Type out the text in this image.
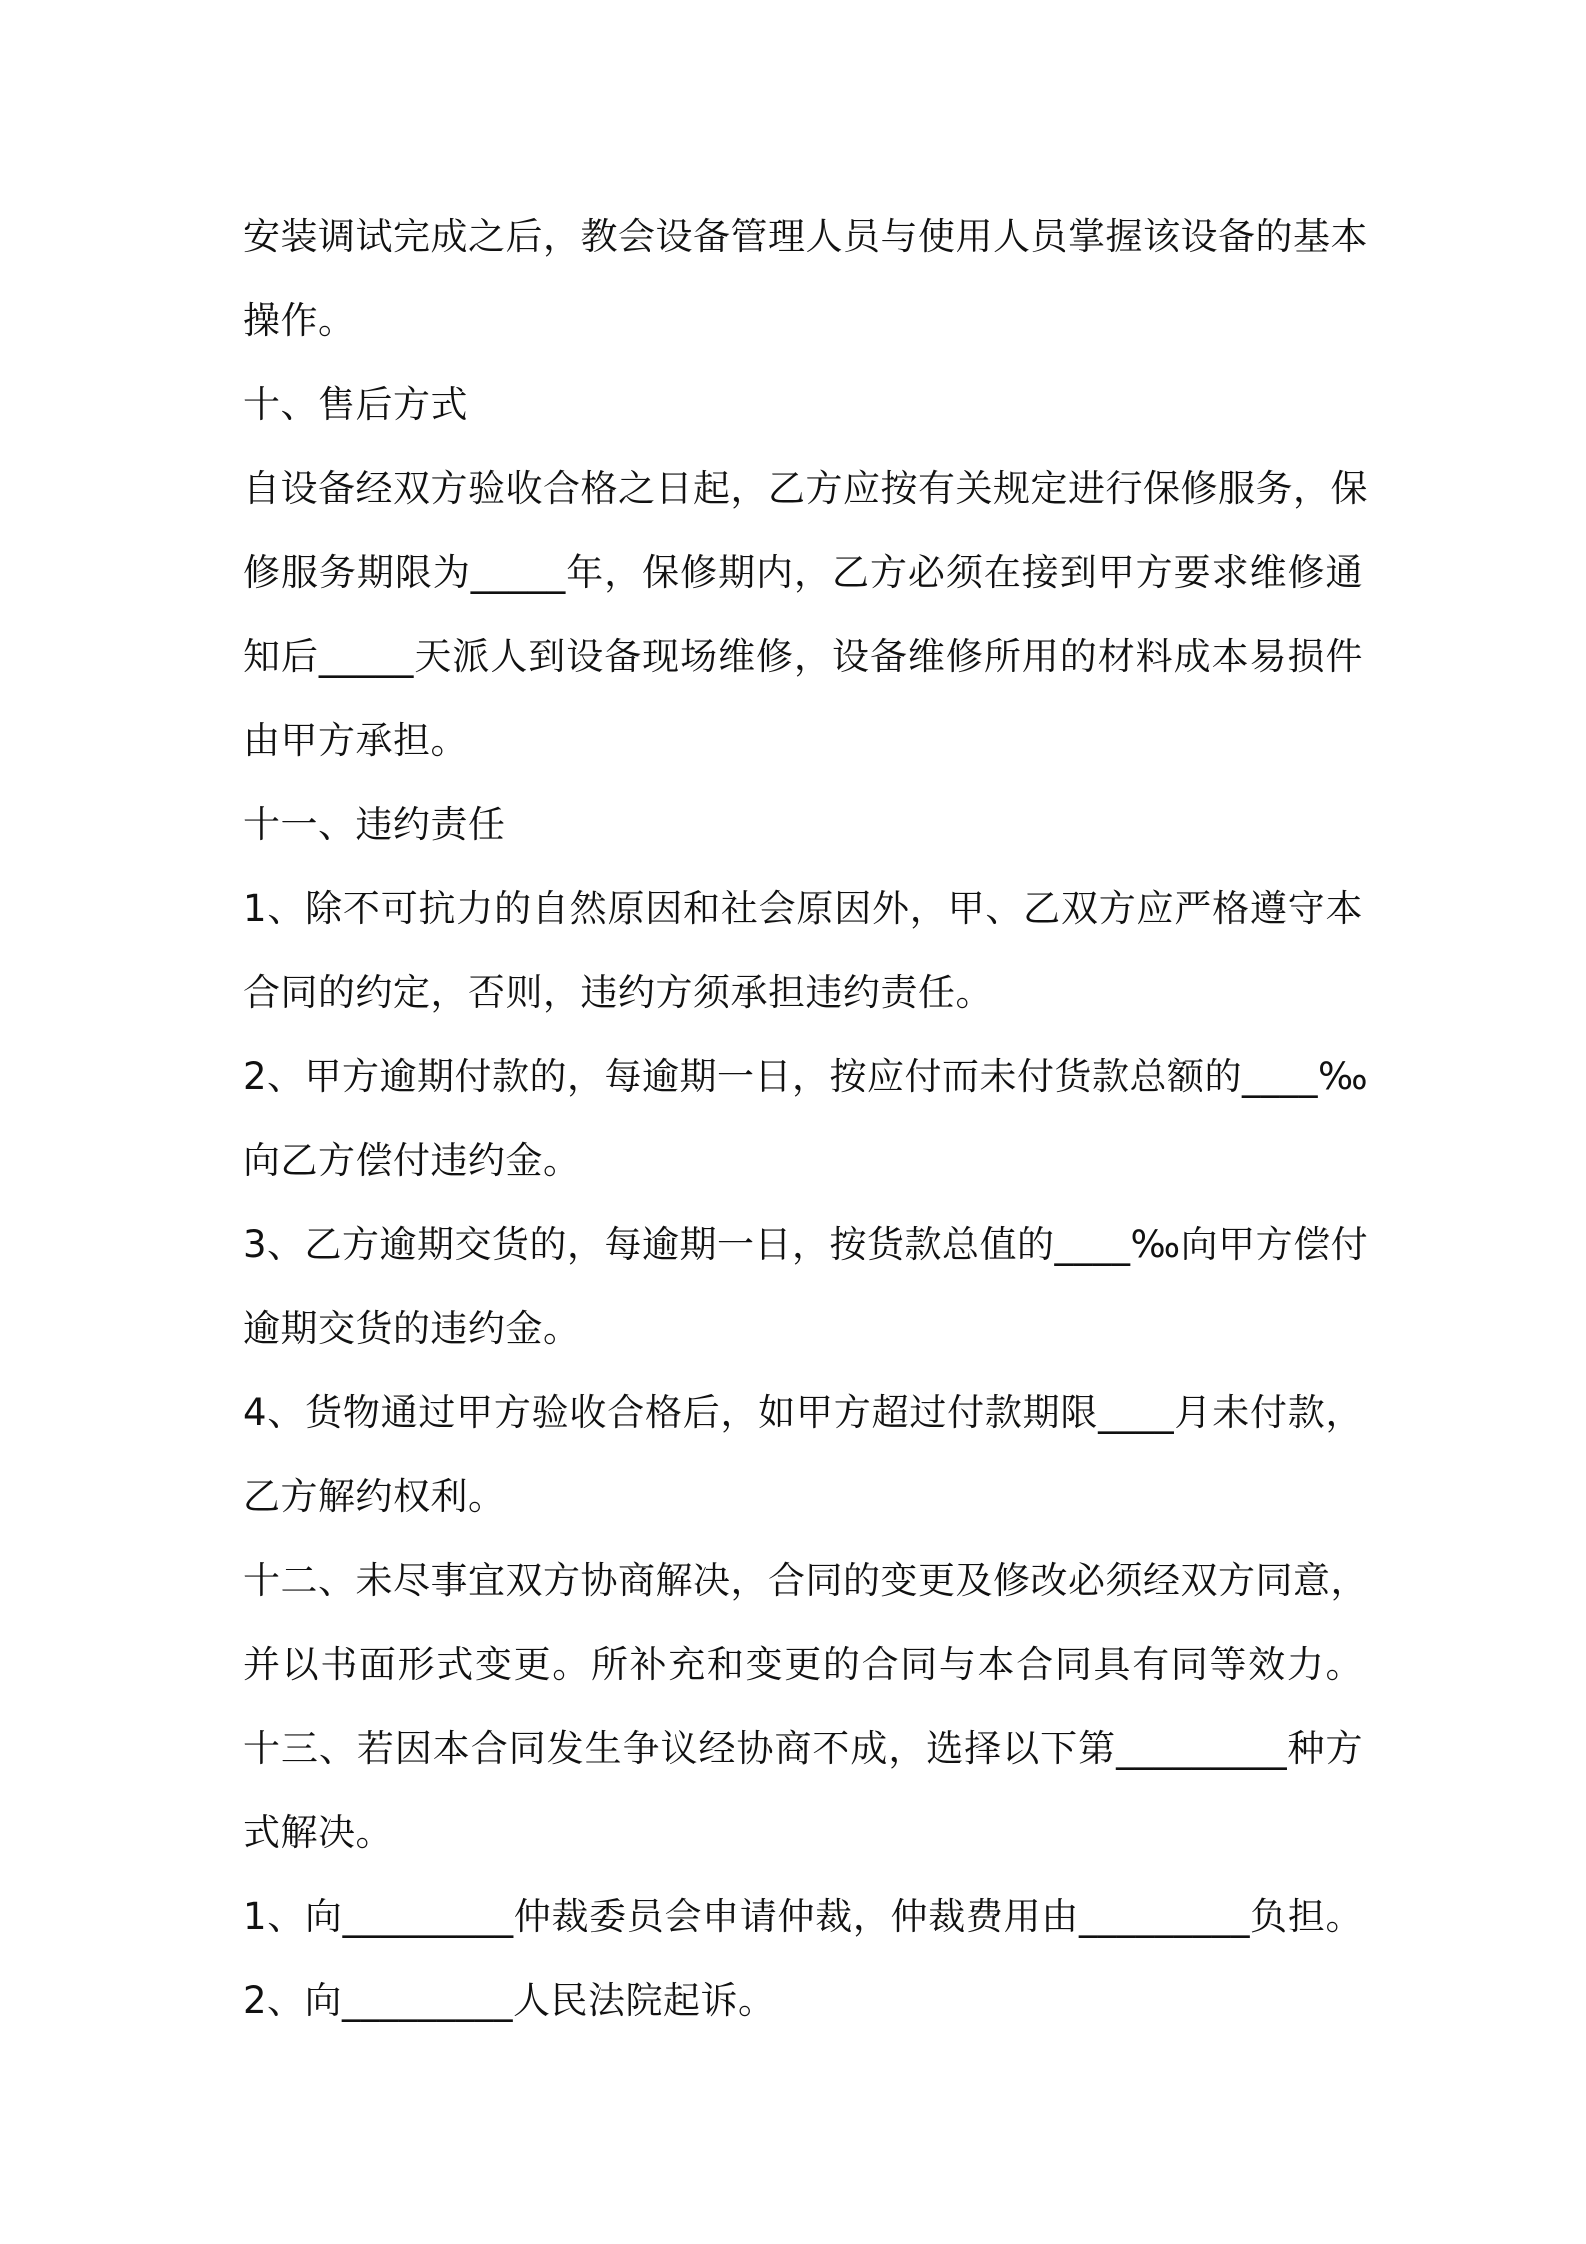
安装调试完成之后，教会设备管理人员与使用人员掌握该设备的基本
操作。
十、售后方式
自设备经双方验收合格之日起，乙方应按有关规定进行保修服务，保
修服务期限为_____年，保修期内，乙方必须在接到甲方要求维修通
知后_____天派人到设备现场维修，设备维修所用的材料成本易损件
由甲方承担。
十一、违约责任
1、除不可抗力的自然原因和社会原因外，甲、乙双方应严格遵守本
合同的约定，否则，违约方须承担违约责任。
2、甲方逾期付款的，每逾期一日，按应付而未付货款总额的____‰
向乙方偿付违约金。
3、乙方逾期交货的，每逾期一日，按货款总值的____‰向甲方偿付
逾期交货的违约金。
4、货物通过甲方验收合格后，如甲方超过付款期限____月未付款，
乙方解约权利。
十二、未尽事宜双方协商解决，合同的变更及修改必须经双方同意，
并以书面形式变更。所补充和变更的合同与本合同具有同等效力。
十三、若因本合同发生争议经协商不成，选择以下第_________种方
式解决。
1、向_________仲裁委员会申请仲裁，仲裁费用由_________负担。
2、向_________人民法院起诉。
